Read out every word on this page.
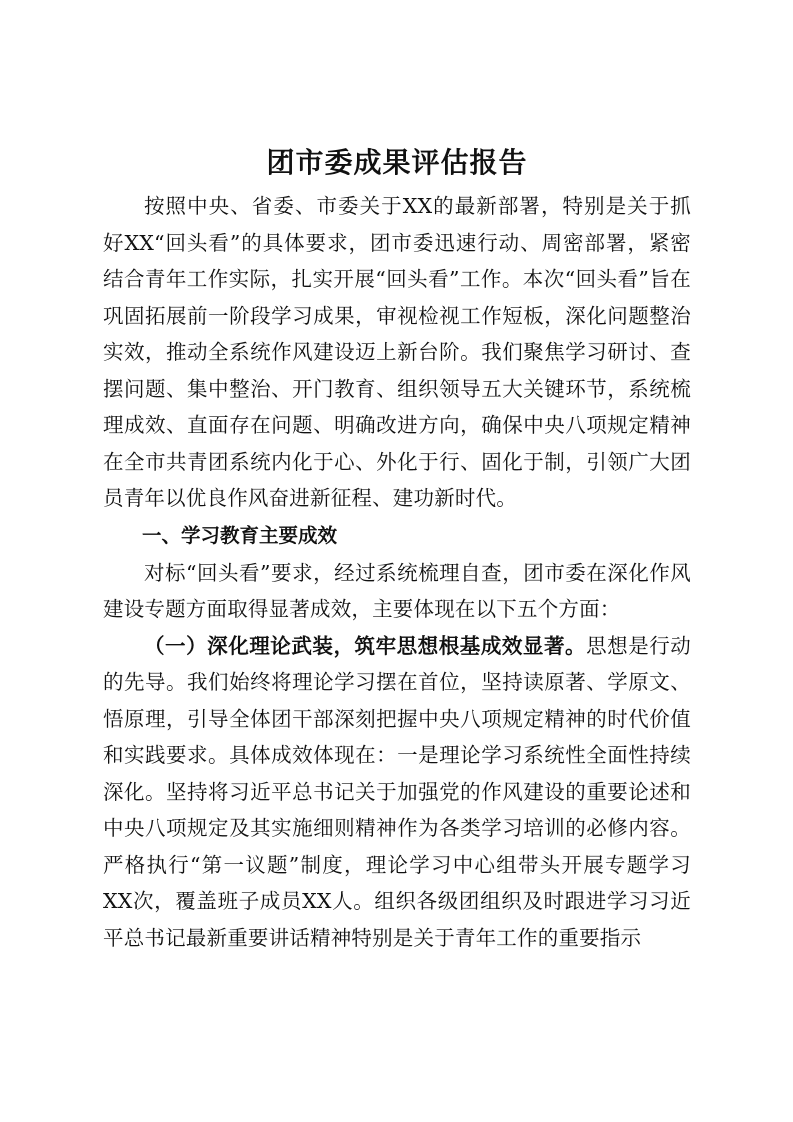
团市委成果评估报告

按照中央、省委、市委关于XX的最新部署，特别是关于抓好XX“回头看”的具体要求，团市委迅速行动、周密部署，紧密结合青年工作实际，扎实开展“回头看”工作。本次“回头看”旨在巩固拓展前一阶段学习成果，审视检视工作短板，深化问题整治实效，推动全系统作风建设迈上新台阶。我们聚焦学习研讨、查摆问题、集中整治、开门教育、组织领导五大关键环节，系统梳理成效、直面存在问题、明确改进方向，确保中央八项规定精神在全市共青团系统内化于心、外化于行、固化于制，引领广大团员青年以优良作风奋进新征程、建功新时代。

一、学习教育主要成效

对标“回头看”要求，经过系统梳理自查，团市委在深化作风建设专题方面取得显著成效，主要体现在以下五个方面：

（一）深化理论武装，筑牢思想根基成效显著。思想是行动的先导。我们始终将理论学习摆在首位，坚持读原著、学原文、悟原理，引导全体团干部深刻把握中央八项规定精神的时代价值和实践要求。具体成效体现在：一是理论学习系统性全面性持续深化。坚持将习近平总书记关于加强党的作风建设的重要论述和中央八项规定及其实施细则精神作为各类学习培训的必修内容。严格执行“第一议题”制度，理论学习中心组带头开展专题学习XX次，覆盖班子成员XX人。组织各级团组织及时跟进学习习近平总书记最新重要讲话精神特别是关于青年工作的重要指示
